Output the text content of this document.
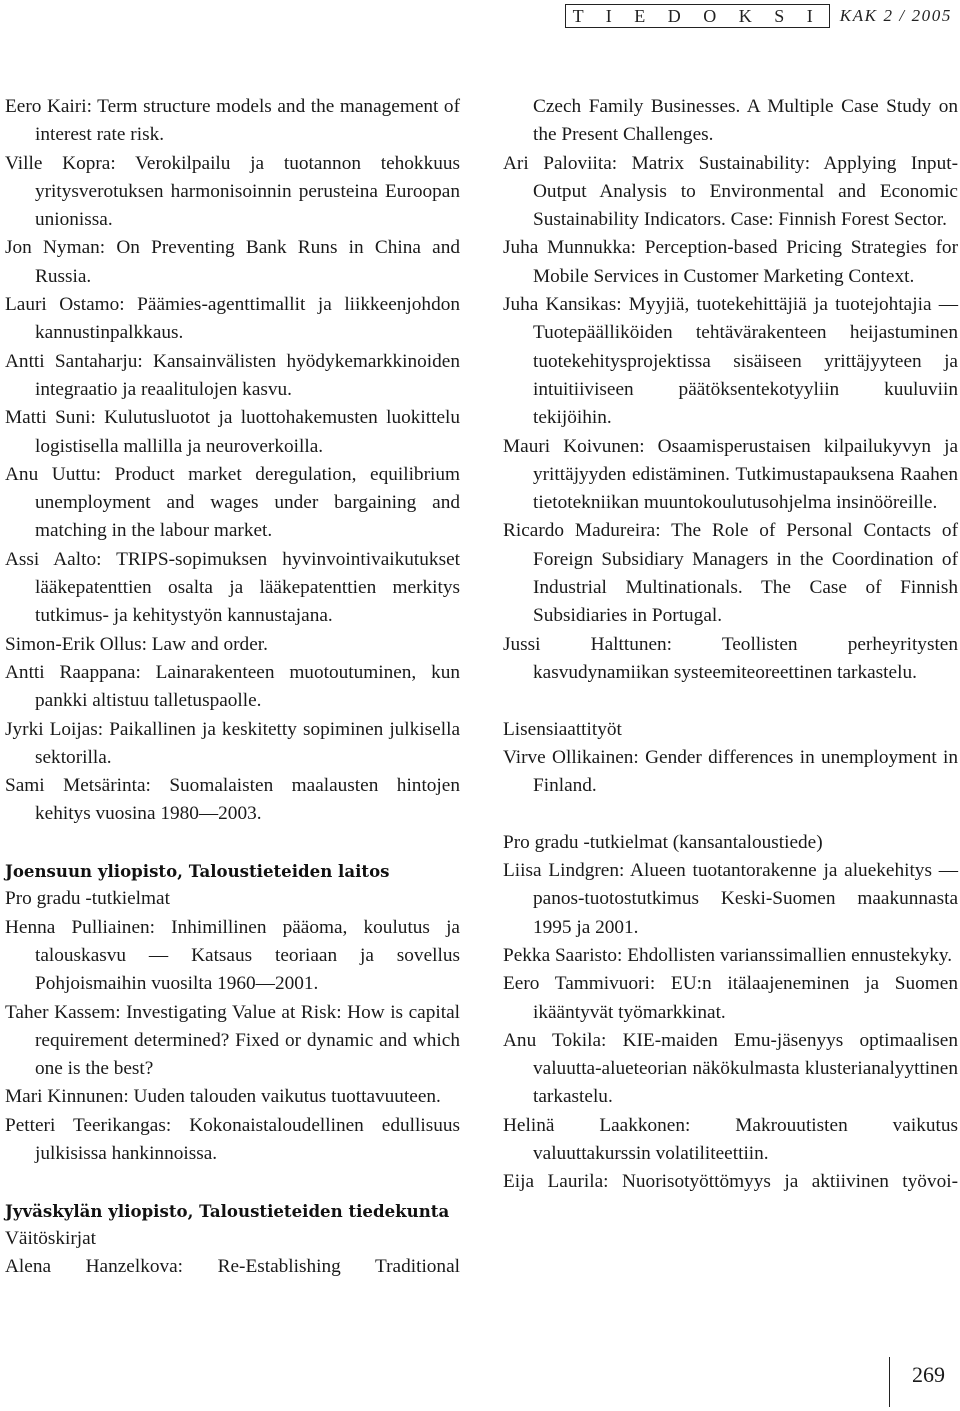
T I E D O K S I	KAK 2 / 2005

Eero Kairi: Term structure models and the management of interest rate risk.

Ville Kopra: Verokilpailu ja tuotannon tehokkuus yritysverotuksen harmonisoinnin perusteina Euroopan unionissa.

Jon Nyman: On Preventing Bank Runs in China and Russia.

Lauri Ostamo: Päämies-agenttimallit ja liikkeenjohdon kannustinpalkkaus.

Antti Santaharju: Kansainvälisten hyödykemarkkinoiden integraatio ja reaalitulojen kasvu.

Matti Suni: Kulutusluotot ja luottohakemusten luokittelu logistisella mallilla ja neuroverkoilla.

Anu Uuttu: Product market deregulation, equilibrium unemployment and wages under bargaining and matching in the labour market.

Assi Aalto: TRIPS-sopimuksen hyvinvointivaikutukset lääkepatenttien osalta ja lääkepatenttien merkitys tutkimus- ja kehitystyön kannustajana.

Simon-Erik Ollus: Law and order.

Antti Raappana: Lainarakenteen muotoutuminen, kun pankki altistuu talletuspaolle.

Jyrki Loijas: Paikallinen ja keskitetty sopiminen julkisella sektorilla.

Sami Metsärinta: Suomalaisten maalausten hintojen kehitys vuosina 1980—2003.

Joensuun yliopisto, Taloustieteiden laitos

Pro gradu -tutkielmat

Henna Pulliainen: Inhimillinen pääoma, koulutus ja talouskasvu — Katsaus teoriaan ja sovellus Pohjoismaihin vuosilta 1960—2001.

Taher Kassem: Investigating Value at Risk: How is capital requirement determined? Fixed or dynamic and which one is the best?

Mari Kinnunen: Uuden talouden vaikutus tuottavuuteen.

Petteri Teerikangas: Kokonaistaloudellinen edullisuus julkisissa hankinnoissa.

Jyväskylän yliopisto, Taloustieteiden tiedekunta

Väitöskirjat

Alena Hanzelkova: Re-Establishing Traditional

Czech Family Businesses. A Multiple Case Study on the Present Challenges.

Ari Paloviita: Matrix Sustainability: Applying Input-Output Analysis to Environmental and Economic Sustainability Indicators. Case: Finnish Forest Sector.

Juha Munnukka: Perception-based Pricing Strategies for Mobile Services in Customer Marketing Context.

Juha Kansikas: Myyjiä, tuotekehittäjiä ja tuotejohtajia — Tuotepäälliköiden tehtävärakenteen heijastuminen tuotekehitysprojektissa sisäiseen yrittäjyyteen ja intuitiiviseen päätöksentekotyyliin kuuluviin tekijöihin.

Mauri Koivunen: Osaamisperustaisen kilpailukyvyn ja yrittäjyyden edistäminen. Tutkimustapauksena Raahen tietotekniikan muuntokoulutusohjelma insinööreille.

Ricardo Madureira: The Role of Personal Contacts of Foreign Subsidiary Managers in the Coordination of Industrial Multinationals. The Case of Finnish Subsidiaries in Portugal.

Jussi Halttunen: Teollisten perheyritysten kasvudynamiikan systeemiteoreettinen tarkastelu.

Lisensiaattityöt

Virve Ollikainen: Gender differences in unemployment in Finland.

Pro gradu -tutkielmat (kansantaloustiede)

Liisa Lindgren: Alueen tuotantorakenne ja aluekehitys — panos-tuotostutkimus Keski-Suomen maakunnasta 1995 ja 2001.

Pekka Saaristo: Ehdollisten varianssimallien ennustekyky.

Eero Tammivuori: EU:n itälaajeneminen ja Suomen ikääntyvät työmarkkinat.

Anu Tokila: KIE-maiden Emu-jäsenyys optimaalisen valuutta-alueteorian näkökulmasta klusterianalyyttinen tarkastelu.

Helinä Laakkonen: Makrouutisten vaikutus valuuttakurssin volatiliteettiin.

Eija Laurila: Nuorisotyöttömyys ja aktiivinen työvoi-

269
